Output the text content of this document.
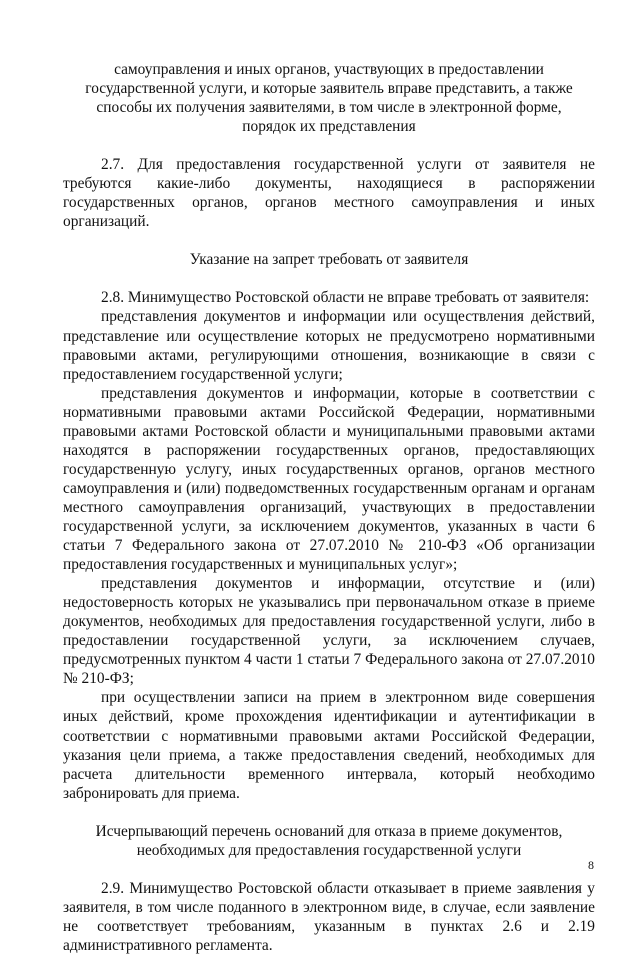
самоуправления и иных органов, участвующих в предоставлении
государственной услуги, и которые заявитель вправе представить, а также
способы их получения заявителями, в том числе в электронной форме,
порядок их представления

2.7. Для предоставления государственной услуги от заявителя не требуются какие-либо документы, находящиеся в распоряжении государственных органов, органов местного самоуправления и иных организаций.

Указание на запрет требовать от заявителя

2.8. Минимущество Ростовской области не вправе требовать от заявителя:

представления документов и информации или осуществления действий, представление или осуществление которых не предусмотрено нормативными правовыми актами, регулирующими отношения, возникающие в связи с предоставлением государственной услуги;

представления документов и информации, которые в соответствии с нормативными правовыми актами Российской Федерации, нормативными правовыми актами Ростовской области и муниципальными правовыми актами находятся в распоряжении государственных органов, предоставляющих государственную услугу, иных государственных органов, органов местного самоуправления и (или) подведомственных государственным органам и органам местного самоуправления организаций, участвующих в предоставлении государственной услуги, за исключением документов, указанных в части 6 статьи 7 Федерального закона от 27.07.2010 № 210-ФЗ «Об организации предоставления государственных и муниципальных услуг»;

представления документов и информации, отсутствие и (или) недостоверность которых не указывались при первоначальном отказе в приеме документов, необходимых для предоставления государственной услуги, либо в предоставлении государственной услуги, за исключением случаев, предусмотренных пунктом 4 части 1 статьи 7 Федерального закона от 27.07.2010 № 210-ФЗ;

при осуществлении записи на прием в электронном виде совершения иных действий, кроме прохождения идентификации и аутентификации в соответствии с нормативными правовыми актами Российской Федерации, указания цели приема, а также предоставления сведений, необходимых для расчета длительности временного интервала, который необходимо забронировать для приема.

Исчерпывающий перечень оснований для отказа в приеме документов,
необходимых для предоставления государственной услуги

2.9. Минимущество Ростовской области отказывает в приеме заявления у заявителя, в том числе поданного в электронном виде, в случае, если заявление не соответствует требованиям, указанным в пунктах 2.6 и 2.19 административного регламента.

8
